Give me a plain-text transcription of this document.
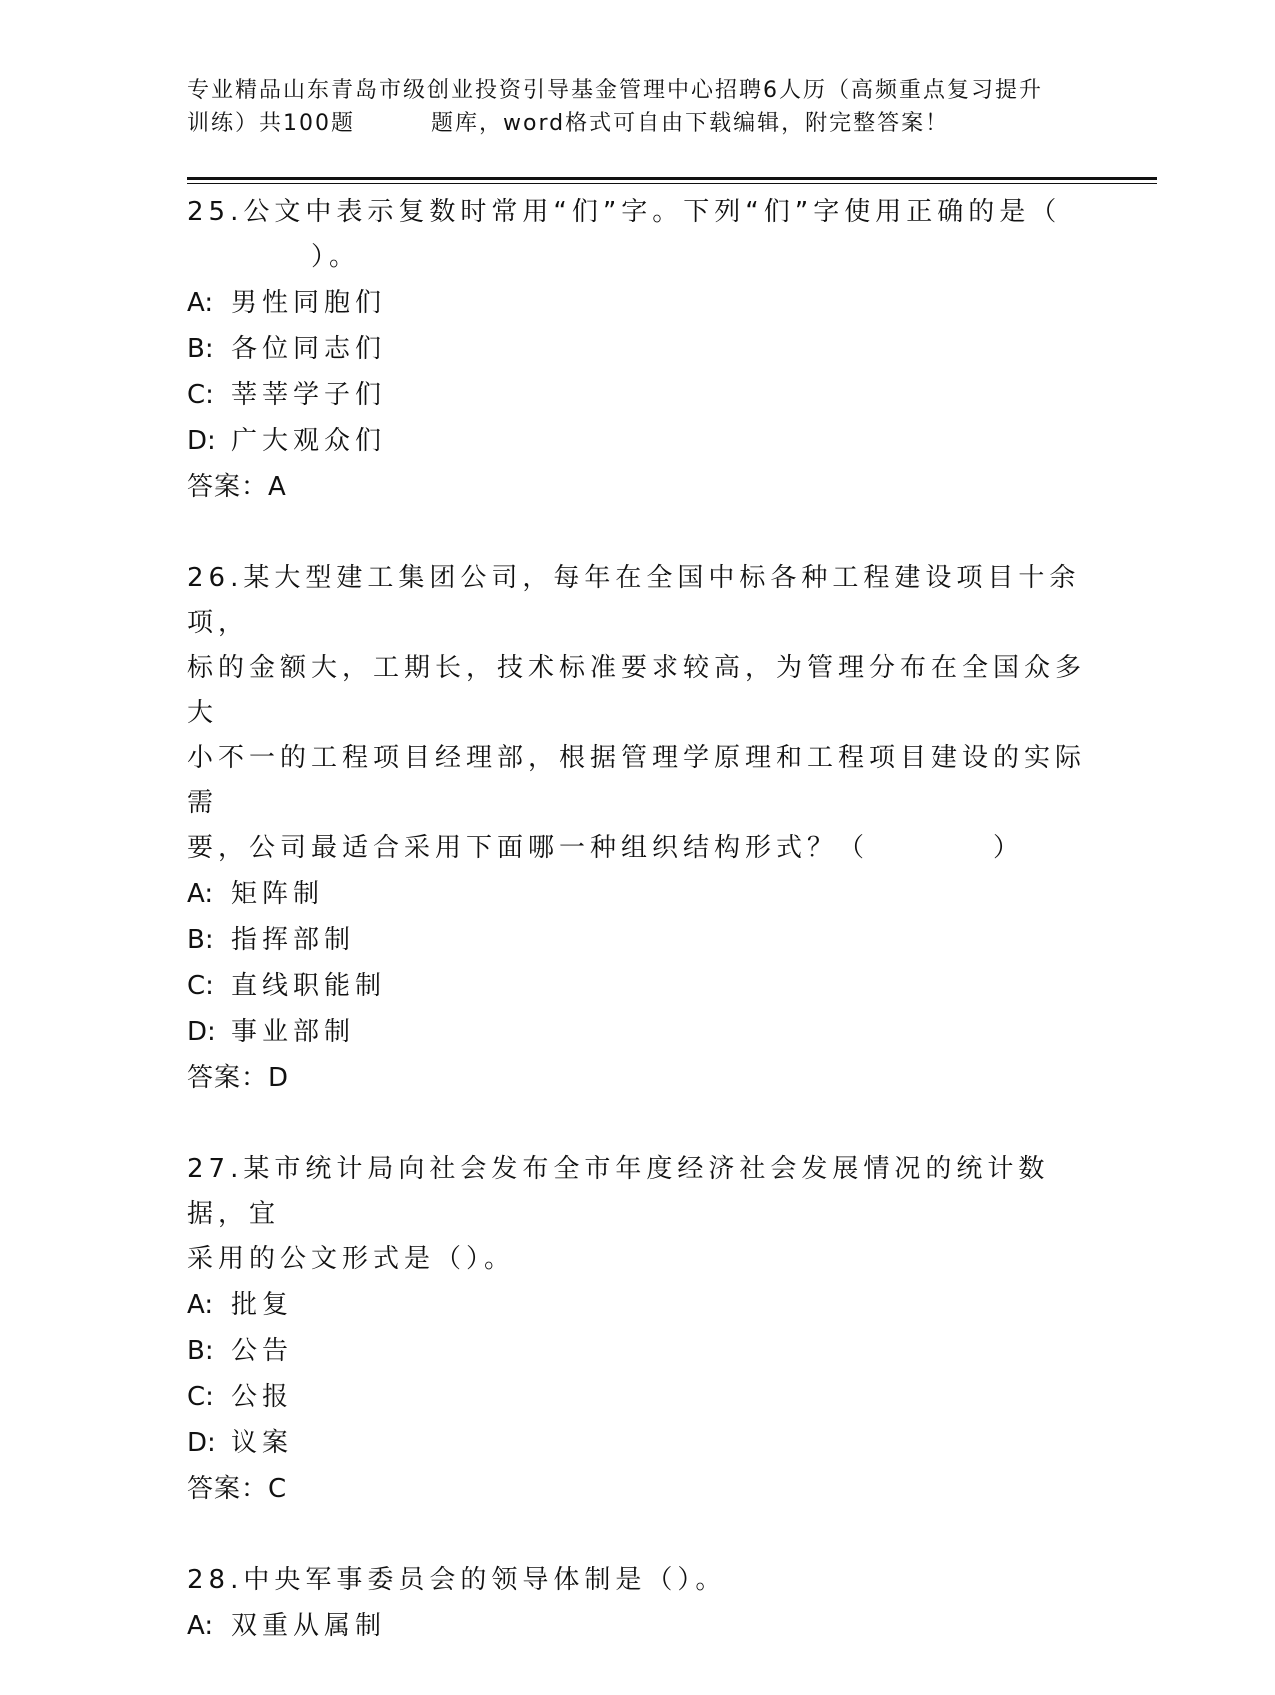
专业精品山东青岛市级创业投资引导基金管理中心招聘6人历（高频重点复习提升
训练）共100题	题库，word格式可自由下载编辑，附完整答案！
25.公文中表示复数时常用“们”字。下列“们”字使用正确的是（
）。
A: 男性同胞们
B: 各位同志们
C: 莘莘学子们
D: 广大观众们
答案：A
26.某大型建工集团公司，每年在全国中标各种工程建设项目十余项，
标的金额大，工期长，技术标准要求较高，为管理分布在全国众多大
小不一的工程项目经理部，根据管理学原理和工程项目建设的实际需
要，公司最适合采用下面哪一种组织结构形式？（	）
A: 矩阵制
B: 指挥部制
C: 直线职能制
D: 事业部制
答案：D
27.某市统计局向社会发布全市年度经济社会发展情况的统计数据，宜
采用的公文形式是（）。
A: 批复
B: 公告
C: 公报
D: 议案
答案：C
28.中央军事委员会的领导体制是（）。
A: 双重从属制
